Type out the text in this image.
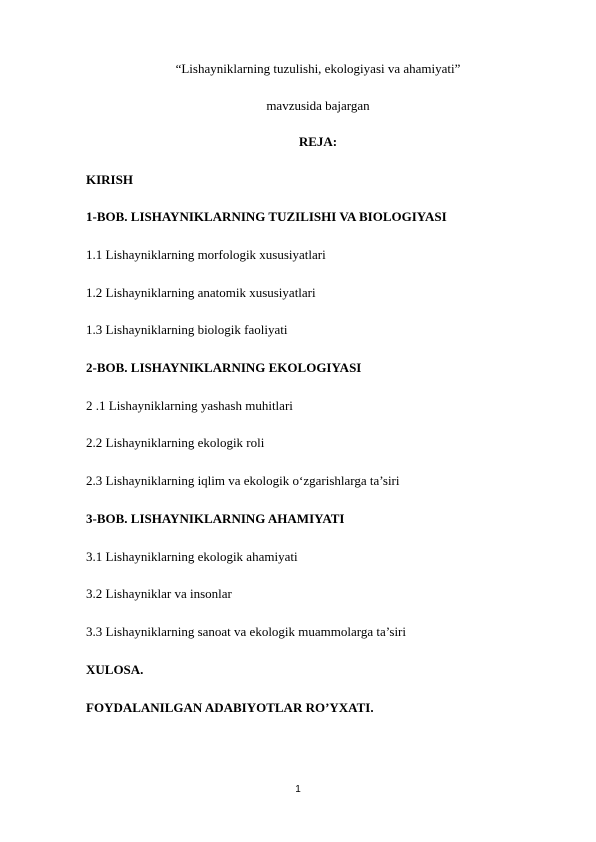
“Lishayniklarning tuzulishi, ekologiyasi va ahamiyati”
mavzusida bajargan
REJA:
KIRISH
1-BOB. LISHAYNIKLARNING TUZILISHI VA BIOLOGIYASI
1.1 Lishayniklarning morfologik xususiyatlari
1.2 Lishayniklarning anatomik xususiyatlari
1.3 Lishayniklarning biologik faoliyati
2-BOB. LISHAYNIKLARNING EKOLOGIYASI
2 .1 Lishayniklarning yashash muhitlari
2.2 Lishayniklarning ekologik roli
2.3 Lishayniklarning iqlim va ekologik o‘zgarishlarga ta’siri
3-BOB. LISHAYNIKLARNING AHAMIYATI
3.1 Lishayniklarning ekologik ahamiyati
3.2 Lishayniklar va insonlar
3.3 Lishayniklarning sanoat va ekologik muammolarga ta’siri
XULOSA.
FOYDALANILGAN ADABIYOTLAR RO’YXATI.
1
